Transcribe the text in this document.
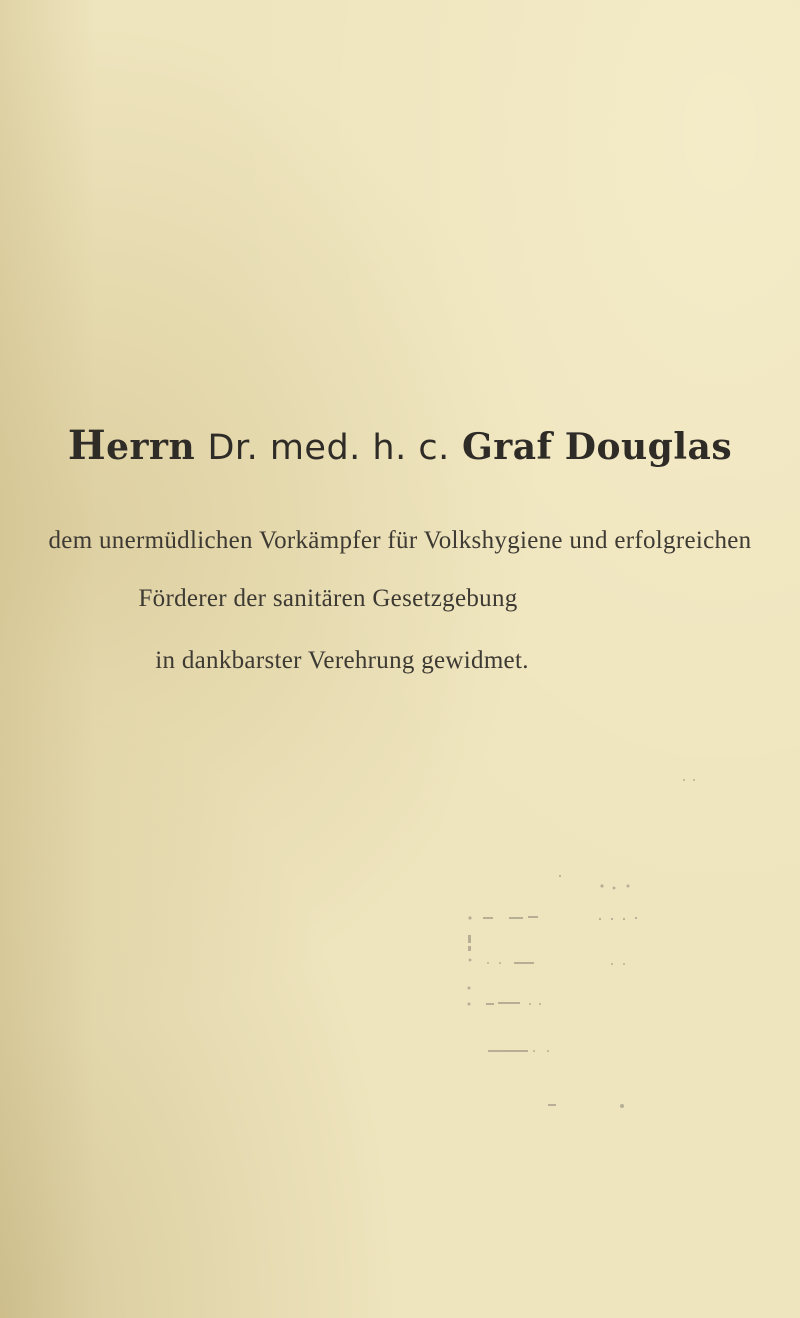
Herrn Dr. med. h. c. Graf Douglas
dem unermüdlichen Vorkämpfer für Volkshygiene und erfolgreichen
Förderer der sanitären Gesetzgebung
in dankbarster Verehrung gewidmet.
